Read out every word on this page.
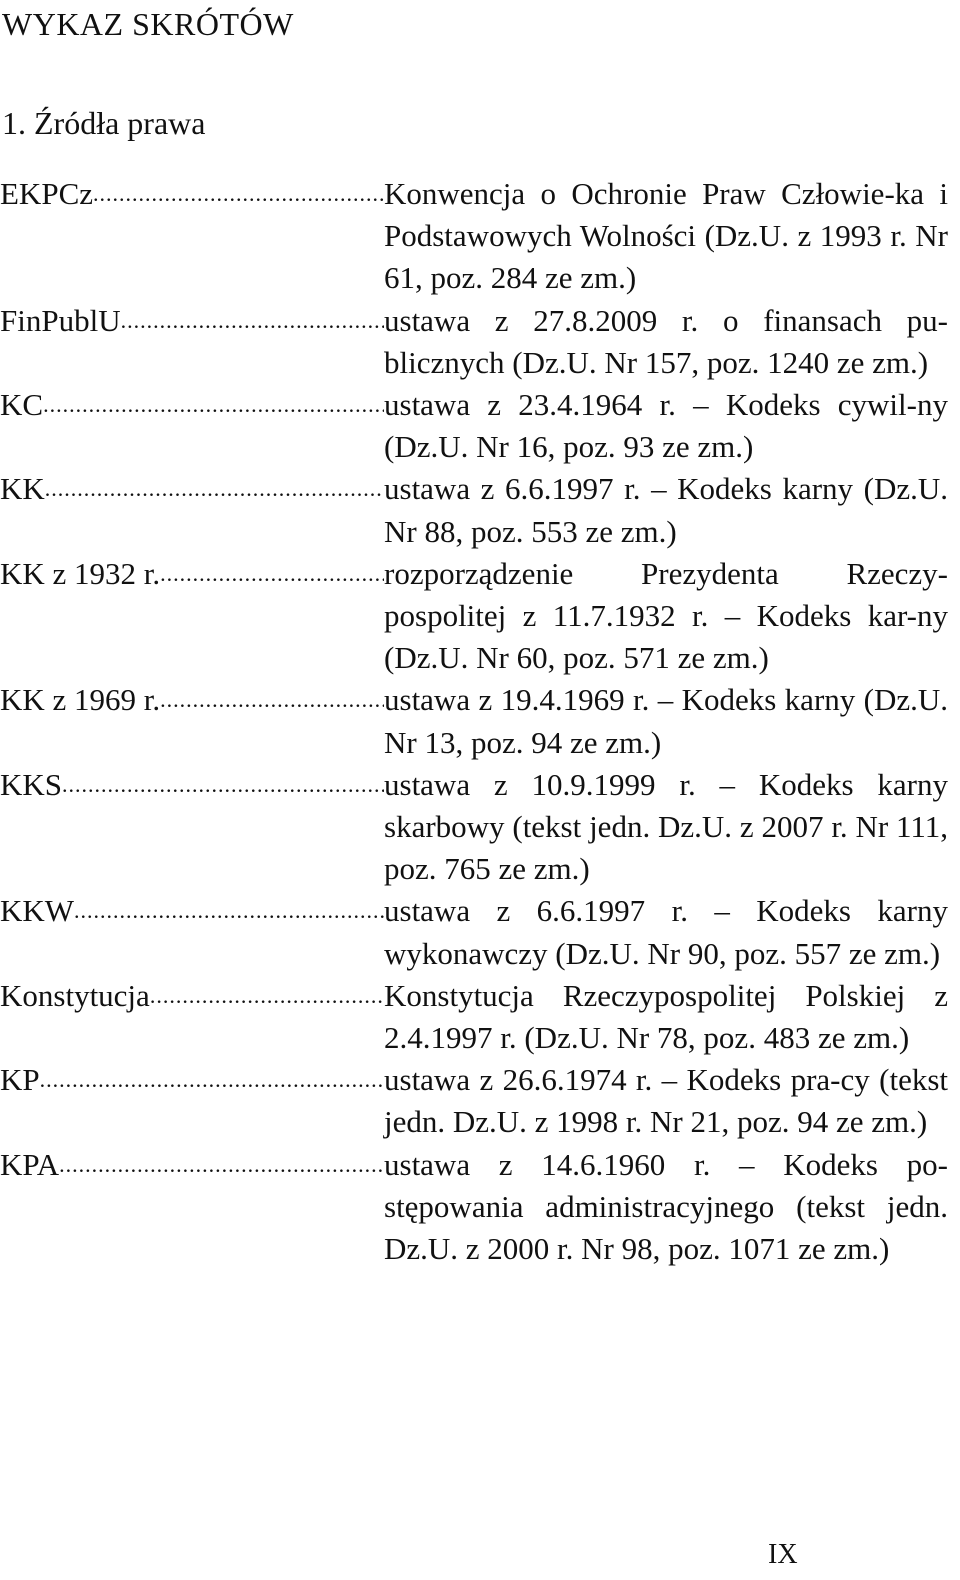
WYKAZ SKRÓTÓW
1. Źródła prawa
EKPCz .....	Konwencja o Ochronie Praw Człowie-ka i Podstawowych Wolności (Dz.U. z 1993 r. Nr 61, poz. 284 ze zm.)
FinPublU .....	ustawa z 27.8.2009 r. o finansach pu-blicznych (Dz.U. Nr 157, poz. 1240 ze zm.)
KC .....	ustawa z 23.4.1964 r. – Kodeks cywil-ny (Dz.U. Nr 16, poz. 93 ze zm.)
KK .....	ustawa z 6.6.1997 r. – Kodeks karny (Dz.U. Nr 88, poz. 553 ze zm.)
KK z 1932 r. .....	rozporządzenie Prezydenta Rzeczy-pospolitej z 11.7.1932 r. – Kodeks kar-ny (Dz.U. Nr 60, poz. 571 ze zm.)
KK z 1969 r. .....	ustawa z 19.4.1969 r. – Kodeks karny (Dz.U. Nr 13, poz. 94 ze zm.)
KKS .....	ustawa z 10.9.1999 r. – Kodeks karny skarbowy (tekst jedn. Dz.U. z 2007 r. Nr 111, poz. 765 ze zm.)
KKW .....	ustawa z 6.6.1997 r. – Kodeks karny wykonawczy (Dz.U. Nr 90, poz. 557 ze zm.)
Konstytucja .....	Konstytucja Rzeczypospolitej Polskiej z 2.4.1997 r. (Dz.U. Nr 78, poz. 483 ze zm.)
KP .....	ustawa z 26.6.1974 r. – Kodeks pra-cy (tekst jedn. Dz.U. z 1998 r. Nr 21, poz. 94 ze zm.)
KPA .....	ustawa z 14.6.1960 r. – Kodeks po-stępowania administracyjnego (tekst jedn. Dz.U. z 2000 r. Nr 98, poz. 1071 ze zm.)
IX
